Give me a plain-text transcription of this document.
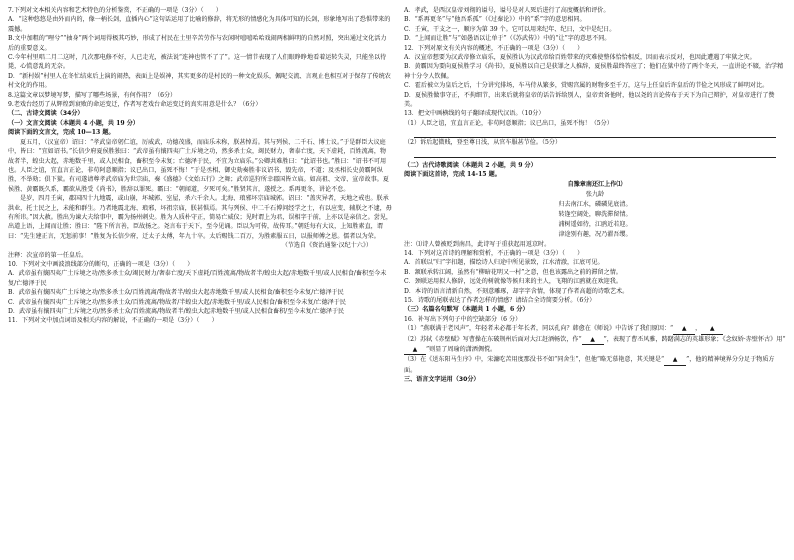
7.下列对文本相关内容和艺术特色的分析鉴赏，不正确的一项是（3分）（　　）

A．“这种悠悠是由外而内的，像一柄长剑，直插内心”这句话运用了比喻的修辞，将无形的情感化为具体可知的长剑，形象地写出了恐惧带来的震撼。

B.文中加粗的“哩兮”“抽身”两个词用得极其巧妙，形成了村民在土里辛苦劳作与农闲时嘻嘻哈哈戏闹两相鲜明的自然对照，突出通过文化活力后的重要意义。

C.今年村里唱二月二这时，几次那电修不好，人已走光，被法说“连神也管不了了”。这一情节表现了人们眼睁睁地看着运转失灵，只能坐以待毙，心慌意乱的无奈。

D．“新村娱”村里人在冬忙结束后上演的闹热，表面上是娱神，其实更多的是村民的一种文化娱乐，佩呢交流、言观止也相互对于保存了传统农村文化的作用。

8.这篇文章以梦境写梦，描写了哪些场景，有何作用？（6分）

9.老戏台经历了从辉煌到衰败的命运变迁，作者写老戏台命运变迁的真实用意是什么？（6分）

（二、古诗文阅读（34分）

（一）文言文阅读（本题共 4 小题，共 19 分）

阅读下面的文言文，完成 10—13 题。

夏五月，（汉宣帝）诏曰：“孝武皇帝躬仁谊，厉威武，功德茂盛，而庙乐未称，朕甚悼焉。其与列侯、二千石、博士议。”于是群臣大议庭中，皆曰：“宜如诏书。”长信少府夏侯胜独曰：“武帝虽有攘四夷广土斥境之功，然多杀士众，竭民财力，奢泰亡度，天下虚耗，百姓流离，物故者半，蝗虫大起，赤地数千里，或人民相食，畜积至今未复；亡德泽于民，不宜为立庙乐。”公卿共难胜曰：“此诏书也。”胜曰：“诏书不可用也。人臣之谊，宜直言正论，非苟阿意顺指；议已出口，虽死不悔！”于是丞相、御史劾奏胜非议诏书，毁先帝，不道；及丞相长史黄霸阿纵胜，不举劾；俱下狱。有司遂请尊孝武帝庙为世宗庙，奏《盛德》《文始五行》之舞；武帝巡狩所幸郡国皆立庙。如高祖、文帝、宣帝故事。夏侯胜、黄霸既久系，霸欲从胜受《尚书》，胜辞以罪死。霸曰：“朝闻道，夕死可矣。”胜贤其言，遂授之。系再更冬，讲论不怠。

是岁，四月壬寅，郡国四十九地震，或山崩，坏城郭、室屋，杀六千余人。北海、琅邪坏宗庙城郭。诏曰：“盖灾异者，天地之戒也。朕承洪业，托士民之上，未能和群生。乃者地震北海、琅邪，坏祖宗庙，朕甚惧焉。其与列侯、中二千石博问经学之士，有以应变，辅朕之不逮，毋有所讳。”因大赦。胜出为谏大夫给事中，霸为扬州刺史。胜为人质朴守正，简易亡威仪；见时谓上为君，误相字于前，上亦以是亲信之。尝见，出道上语，上闻而让胜；胜曰：“陛下所言善，臣故扬之。尧言布于天下，至今见诵。臣以为可传，故传耳。”朝廷每有大议，上知胜素直，谓曰：“先生建正言，无惩前事！”胜复为长信少府，迁太子太傅，年九十卒。太后赐钱二百万，为胜素服五日，以报师傅之恩。儒者以为荣。

（节选自《资治通鉴·汉纪十六》）

注释：次宣帝的第一任皇后。

10．下列对文中画波浪线部分的断句，正确的一项是（3分）（　　）

A．武帝虽有攘四夷广土斥境之功/然多杀士众/竭民财力/奢泰亡度/天下虚耗/百姓流离/物故者半/蝗虫大起/赤地数千里/或人民相食/畜积至今未复/亡德泽于民

B．武帝虽有攘四夷广土斥境之功/然多杀士众/百姓流离/物故者半/蝗虫大起赤地数千里/或人民相食/畜积至今未复/亡德泽于民

C．武帝虽有攘四夷广土斥境之功/然多杀士众/百姓流离/物故者/半蝗虫大起/赤地数千里/或人民相食/畜积至今未复/亡德泽于民

D．武帝虽有攘四夷广土斥境之功/然多杀士众/百姓流离/物故者半/蝗虫大起赤地数千里/或人民相食畜积/至今未复/亡德泽于民

11．下列对文中加点词语及相关内容的解说，不正确的一项是（3分）（　　）

A．孝武，是西汉皇帝刘彻的谥号，谥号是对人死后进行了高度概括和评价。

B．“系再更冬”与“他吾系孤”（《过秦论》）中的“系”字的意思相同。

C．壬寅，干支之一，顺序为第 39 个。它可以用来纪年、纪日，文中是纪日。

D．“上闻而让胜”与“如愚语以让单于”（《苏武传》）中的“让”字的意思不同。

12．下列对原文有关内容的概述，不正确的一项是（3分）（　　）

A．汉宣帝想要为汉武帝修立庙乐，夏侯胜认为汉武帝给百姓带来的灾难使整体恰恰相反，因而表示反对，也因此遭遇了牢狱之灾。

B．黄霸因为要向夏侯胜学习《尚书》，夏侯胜以自己是获罪之人推辞，夏侯胜最终答应了；他们在狱中待了两个冬天，一直讲论不辍，治学精神十分令人钦佩。

C．霍后被立为皇后之后，十分讲究排场，车马侍从繁多，赏赐宫属的财物多至千万，这与上任皇后许皇后的节俭之风形成了鲜明对比。

D．夏侯胜做事守正，不拘细节，出来后就将皇帝的话告诉给别人，皇帝责备他时，他以尧的言论传布于天下为自己辩护，对皇帝进行了赞美。

13．把文中画横线的句子翻译成现代汉语。（10分）

（1）人臣之谊，宜直言正论，非苟阿意顺指；议已出口，虽死不悔！（5分）

（2）诉后起微贱，登至尊日浅，从官车服甚节俭。（5分）

（二）古代诗歌阅读（本题共 2 小题，共 9 分）

阅读下面这首诗，完成 14-15 题。

自豫章南还江上作⑴

张九龄

归去南江水，磷磷见底清。

转逢空阔处，聊洗滞留情。

浦树遥如待，江鸥近若迎。

津途别有趣，况乃濯吾缨。

注：⑴诗人曾被贬到南昌，此诗写于重获起用返京时。

14．下列对这首诗的理解和赏析，不正确的一项是（3分）（　　）

A．首联以“归”字扣题，描绘诗人归途中所见景致，江水清澈，江底可见。

B．颔联承转江阔，虽然有“柳暗花明又一村”之意，但也该露出之前的滞留之情。

C．颈联运用拟人修辞，远处的树就像等候归来的主人，飞翔的江鸥就在欢迎我。

D．本诗的语言清新自然，不刻意雕琢，却字字含情，体现了作者高超的诗歌艺术。

15．诗歌的尾联表达了作者怎样的情感？请结合全诗简要分析。（6分）

（三）名篇名句默写（本题共 1 小题，6 分）

16．补写出下列句子中的空缺部分（6 分）

（1）“燕联满于老风声”，年轻者未必都于年长者，同以孔向？韩愈在《师说》中告诉了我们原因：“ ▲ ， ▲

（2）苏轼《赤壁赋》写曹操在东破荆州后面对大江赶酒畅饮，作“ ▲ ”，表现了曹丕风雅，踌躇满志的英雄形象；《念奴娇·赤壁怀古》用“▲ ”则显了周瑜的潇洒倜傥。

（3）在《送东阳马生序》中，宋濂吃苦用度那没书不如“同舍生”，但他“略无慕艳意，其关键是“ ▲ ”，他的精神境界分分足于物质方面。

三、语言文字运用（30分）
